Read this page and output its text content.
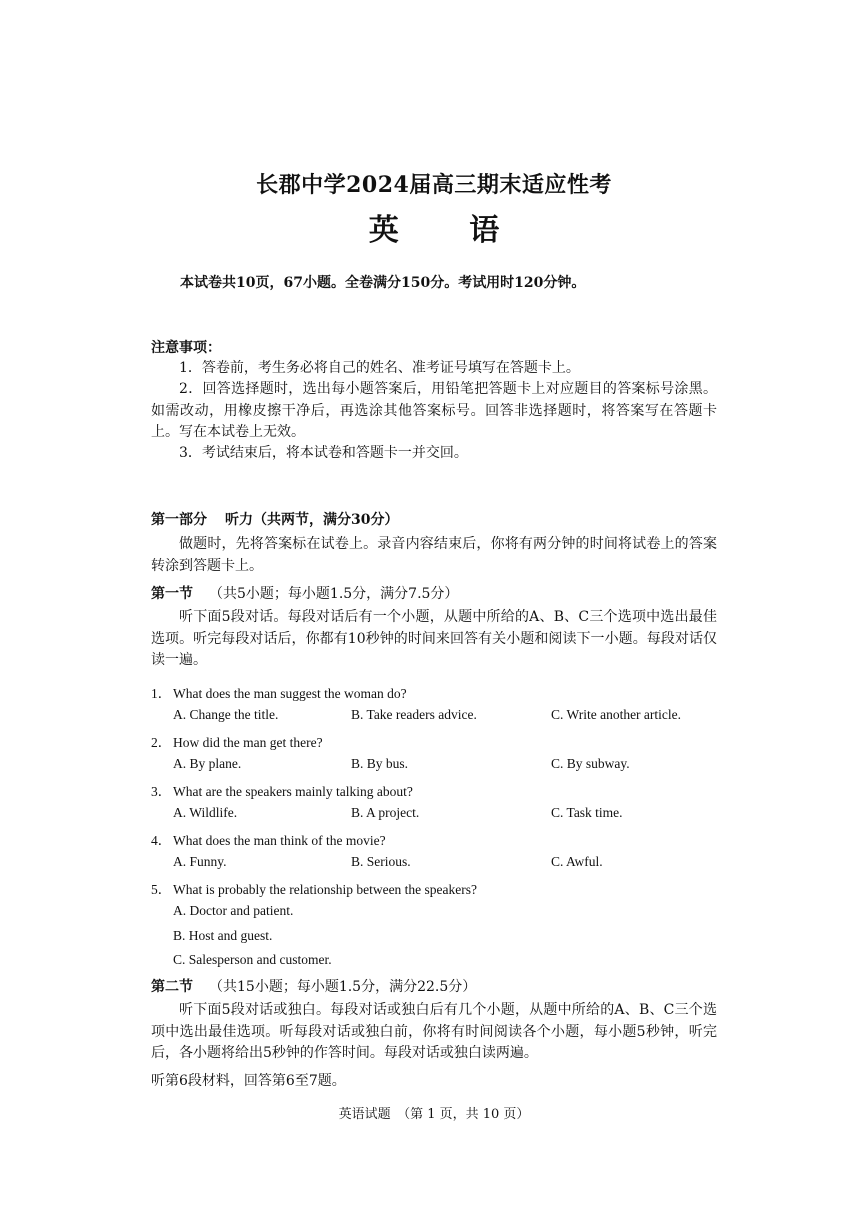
长郡中学2024届高三期末适应性考
英 语
本试卷共10页，67小题。全卷满分150分。考试用时120分钟。
注意事项：
1．答卷前，考生务必将自己的姓名、准考证号填写在答题卡上。
2．回答选择题时，选出每小题答案后，用铅笔把答题卡上对应题目的答案标号涂黑。如需改动，用橡皮擦干净后，再选涂其他答案标号。回答非选择题时，将答案写在答题卡上。写在本试卷上无效。
3．考试结束后，将本试卷和答题卡一并交回。
第一部分 听力（共两节，满分30分）
做题时，先将答案标在试卷上。录音内容结束后，你将有两分钟的时间将试卷上的答案转涂到答题卡上。
第一节 （共5小题；每小题1.5分，满分7.5分）
听下面5段对话。每段对话后有一个小题，从题中所给的A、B、C三个选项中选出最佳选项。听完每段对话后，你都有10秒钟的时间来回答有关小题和阅读下一小题。每段对话仅读一遍。
1． What does the man suggest the woman do?
A. Change the title.	B. Take readers advice.	C. Write another article.
2． How did the man get there?
A. By plane.	B. By bus.	C. By subway.
3． What are the speakers mainly talking about?
A. Wildlife.	B. A project.	C. Task time.
4． What does the man think of the movie?
A. Funny.	B. Serious.	C. Awful.
5． What is probably the relationship between the speakers?
A. Doctor and patient.
B. Host and guest.
C. Salesperson and customer.
第二节 （共15小题；每小题1.5分，满分22.5分）
听下面5段对话或独白。每段对话或独白后有几个小题，从题中所给的A、B、C三个选项中选出最佳选项。听每段对话或独白前，你将有时间阅读各个小题，每小题5秒钟，听完后，各小题将给出5秒钟的作答时间。每段对话或独白读两遍。
听第6段材料，回答第6至7题。
英语试题　（第 1 页，共 10 页）
